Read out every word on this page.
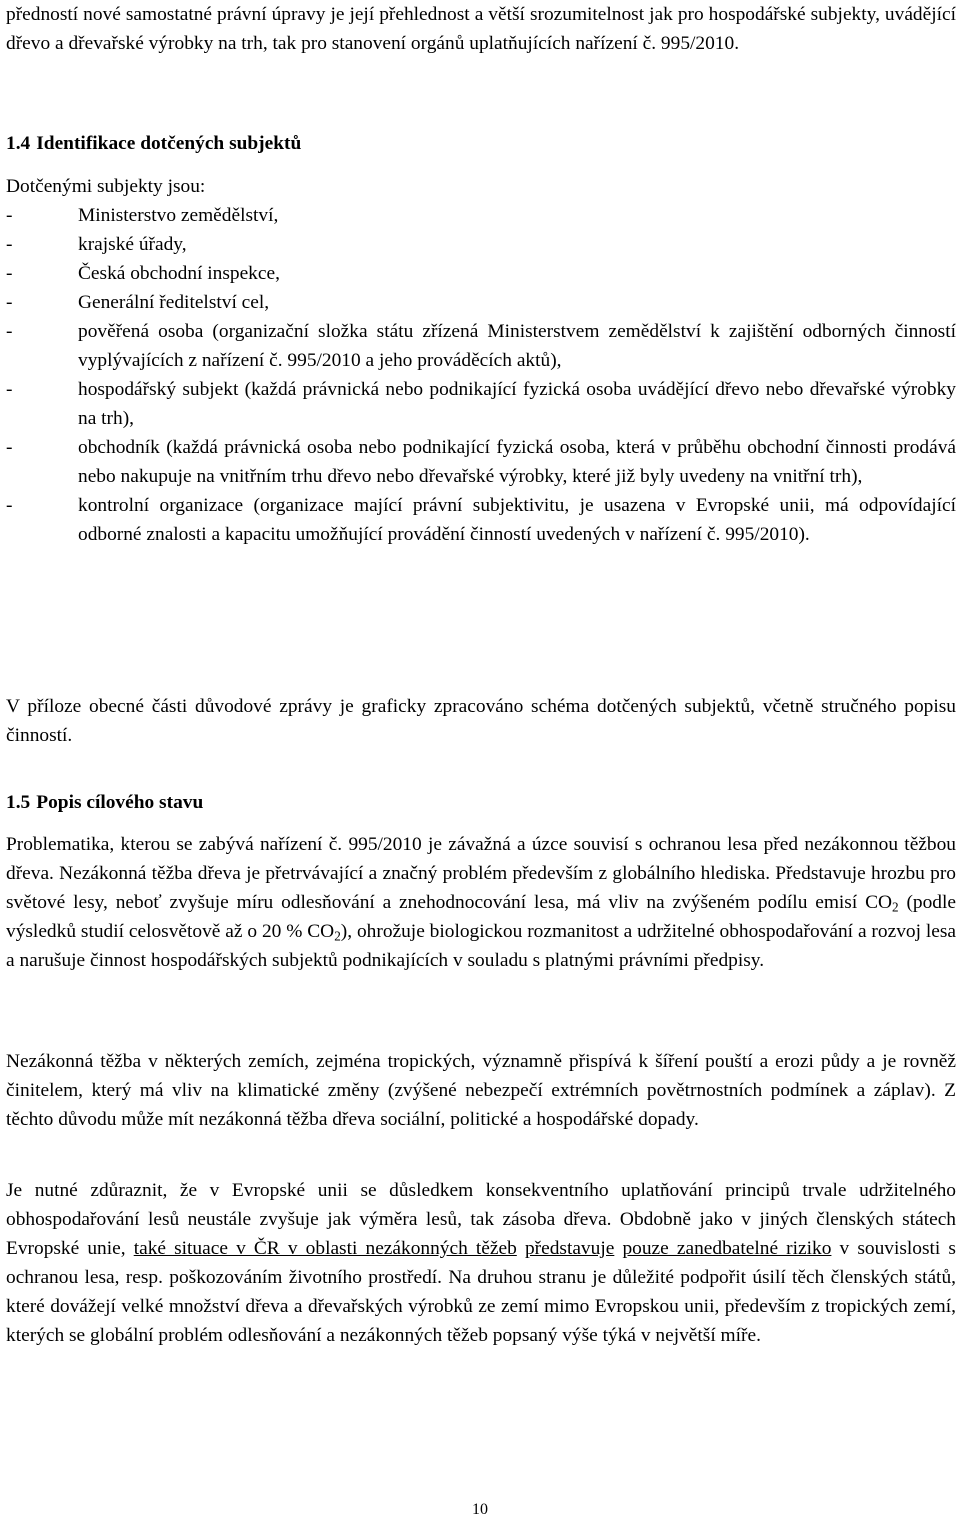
předností nové samostatné právní úpravy je její přehlednost a větší srozumitelnost jak pro hospodářské subjekty, uvádějící dřevo a dřevařské výrobky na trh, tak pro stanovení orgánů uplatňujících nařízení č. 995/2010.

1.4 Identifikace dotčených subjektů
Dotčenými subjekty jsou:
-	Ministerstvo zemědělství,
-	krajské úřady,
-	Česká obchodní inspekce,
-	Generální ředitelství cel,
-	pověřená osoba (organizační složka státu zřízená Ministerstvem zemědělství k zajištění odborných činností vyplývajících z nařízení č. 995/2010 a jeho prováděcích aktů),
-	hospodářský subjekt (každá právnická nebo podnikající fyzická osoba uvádějící dřevo nebo dřevařské výrobky na trh),
-	obchodník (každá právnická osoba nebo podnikající fyzická osoba, která v průběhu obchodní činnosti prodává nebo nakupuje na vnitřním trhu dřevo nebo dřevařské výrobky, které již byly uvedeny na vnitřní trh),
-	kontrolní organizace (organizace mající právní subjektivitu, je usazena v Evropské unii, má odpovídající odborné znalosti a kapacitu umožňující provádění činností uvedených v nařízení č. 995/2010).

V příloze obecné části důvodové zprávy je graficky zpracováno schéma dotčených subjektů, včetně stručného popisu činností.

1.5 Popis cílového stavu

Problematika, kterou se zabývá nařízení č. 995/2010 je závažná a úzce souvisí s ochranou lesa před nezákonnou těžbou dřeva. Nezákonná těžba dřeva je přetrvávající a značný problém především z globálního hlediska. Představuje hrozbu pro světové lesy, neboť zvyšuje míru odlesňování a znehodnocování lesa, má vliv na zvýšeném podílu emisí $CO_2$ (podle výsledků studií celosvětově až o 20 % $CO_2$), ohrožuje biologickou rozmanitost a udržitelné obhospodařování a rozvoj lesa a narušuje činnost hospodářských subjektů podnikajících v souladu s platnými právními předpisy.

Nezákonná těžba v některých zemích, zejména tropických, významně přispívá k šíření pouští a erozi půdy a je rovněž činitelem, který má vliv na klimatické změny (zvýšené nebezpečí extrémních povětrnostních podmínek a záplav). Z těchto důvodu může mít nezákonná těžba dřeva sociální, politické a hospodářské dopady.

Je nutné zdůraznit, že v Evropské unii se důsledkem konsekventního uplatňování principů trvale udržitelného obhospodařování lesů neustále zvyšuje jak výměra lesů, tak zásoba dřeva. Obdobně jako v jiných členských státech Evropské unie, také situace v ČR v oblasti nezákonných těžeb představuje pouze zanedbatelné riziko v souvislosti s ochranou lesa, resp. poškozováním životního prostředí. Na druhou stranu je důležité podpořit úsilí těch členských států, které dovážejí velké množství dřeva a dřevařských výrobků ze zemí mimo Evropskou unii, především z tropických zemí, kterých se globální problém odlesňování a nezákonných těžeb popsaný výše týká v největší míře.

10
